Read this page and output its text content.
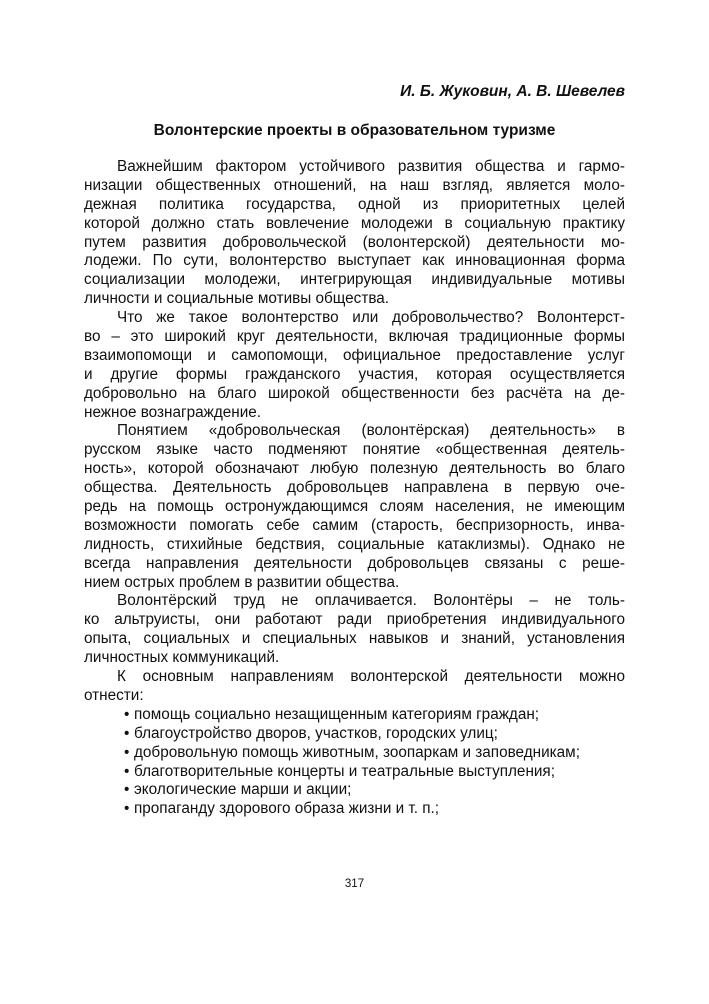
И. Б. Жуковин, А. В. Шевелев
Волонтерские проекты в образовательном туризме
Важнейшим фактором устойчивого развития общества и гармо-
низации общественных отношений, на наш взгляд, является моло-
дежная политика государства, одной из приоритетных целей
которой должно стать вовлечение молодежи в социальную практику
путем развития добровольческой (волонтерской) деятельности мо-
лодежи. По сути, волонтерство выступает как инновационная форма
социализации молодежи, интегрирующая индивидуальные мотивы
личности и социальные мотивы общества.
Что же такое волонтерство или добровольчество? Волонтерст-
во – это широкий круг деятельности, включая традиционные формы
взаимопомощи и самопомощи, официальное предоставление услуг
и другие формы гражданского участия, которая осуществляется
добровольно на благо широкой общественности без расчёта на де-
нежное вознаграждение.
Понятием «добровольческая (волонтёрская) деятельность» в
русском языке часто подменяют понятие «общественная деятель-
ность», которой обозначают любую полезную деятельность во благо
общества. Деятельность добровольцев направлена в первую оче-
редь на помощь остронуждающимся слоям населения, не имеющим
возможности помогать себе самим (старость, беспризорность, инва-
лидность, стихийные бедствия, социальные катаклизмы). Однако не
всегда направления деятельности добровольцев связаны с реше-
нием острых проблем в развитии общества.
Волонтёрский труд не оплачивается. Волонтёры – не толь-
ко альтруисты, они работают ради приобретения индивидуального
опыта, социальных и специальных навыков и знаний, установления
личностных коммуникаций.
К основным направлениям волонтерской деятельности можно
отнести:
• помощь социально незащищенным категориям граждан;
• благоустройство дворов, участков, городских улиц;
• добровольную помощь животным, зоопаркам и заповедникам;
• благотворительные концерты и театральные выступления;
• экологические марши и акции;
• пропаганду здорового образа жизни и т. п.;
317
